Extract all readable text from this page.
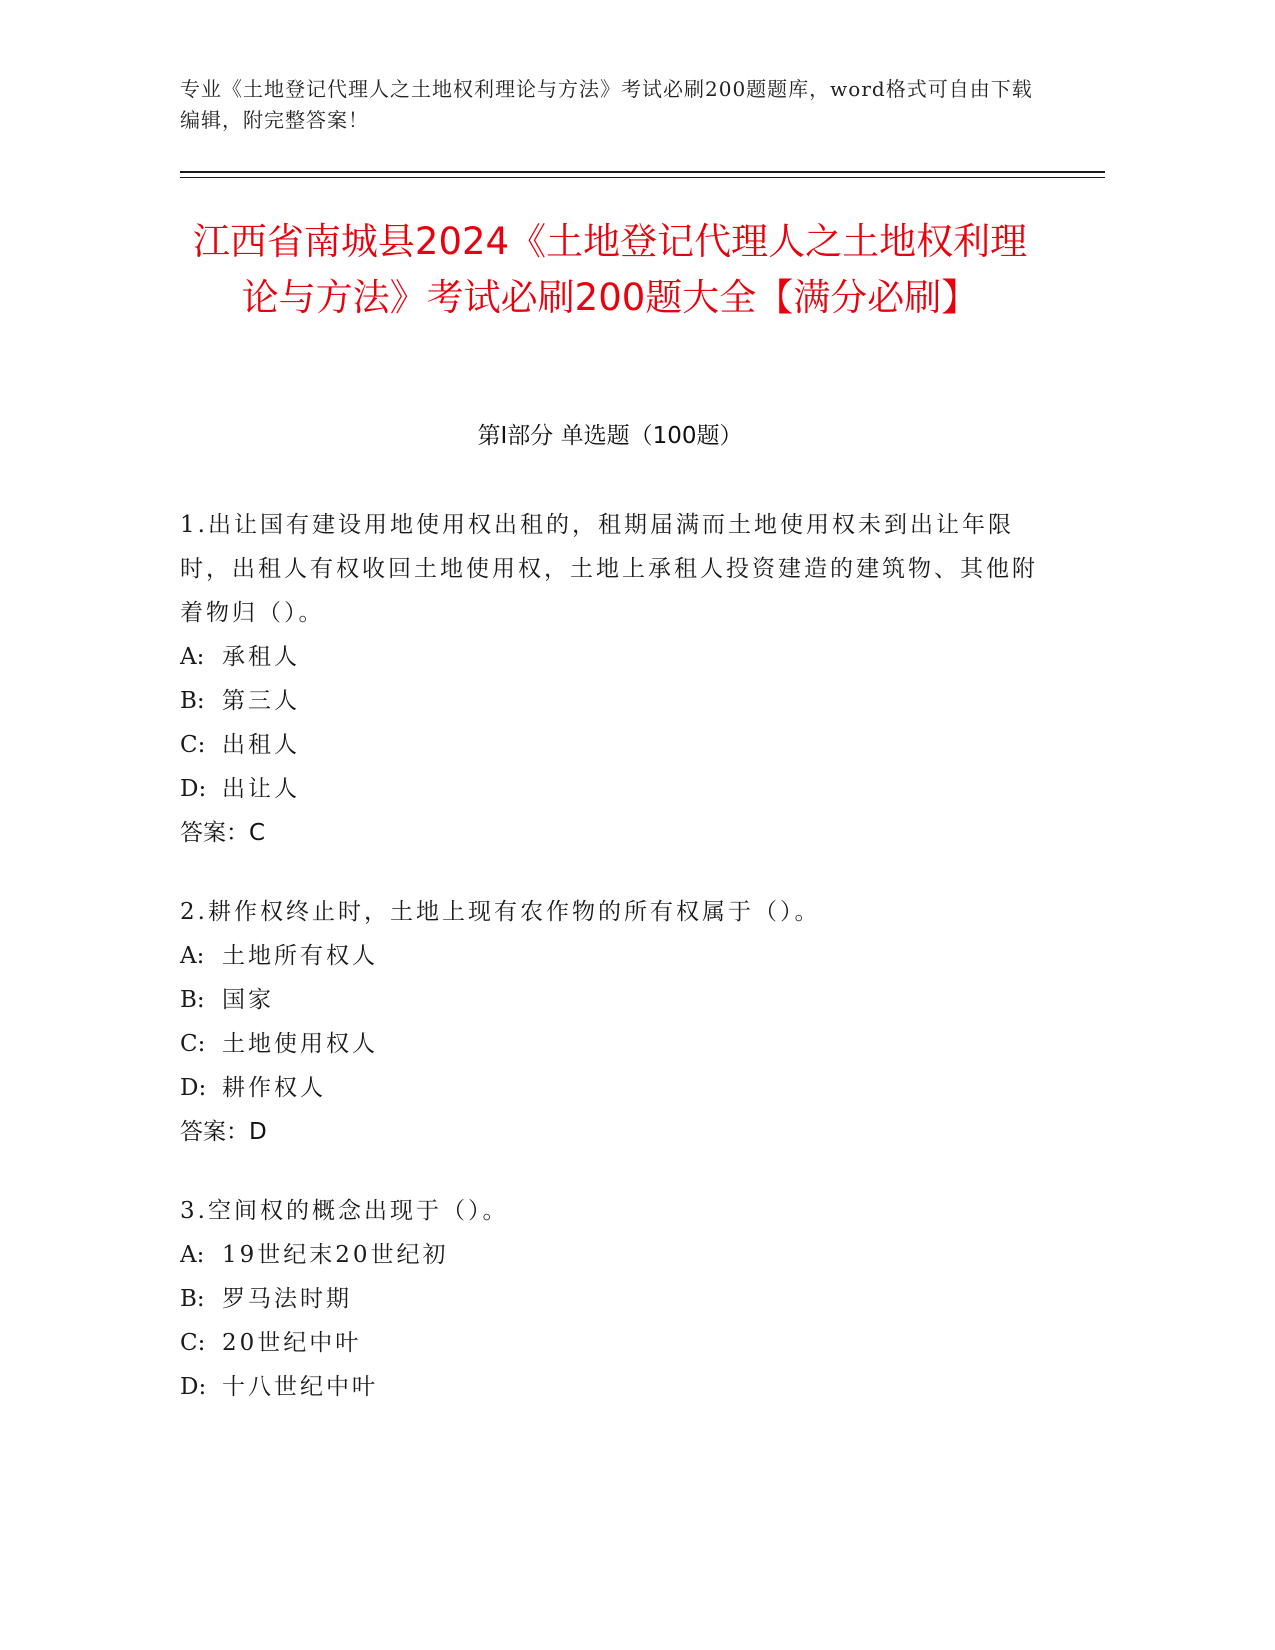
专业《土地登记代理人之土地权利理论与方法》考试必刷200题题库，word格式可自由下载编辑，附完整答案！
江西省南城县2024《土地登记代理人之土地权利理论与方法》考试必刷200题大全【满分必刷】
第I部分 单选题（100题）
1.出让国有建设用地使用权出租的，租期届满而土地使用权未到出让年限时，出租人有权收回土地使用权，土地上承租人投资建造的建筑物、其他附着物归（）。
A: 承租人
B: 第三人
C: 出租人
D: 出让人
答案：C
2.耕作权终止时，土地上现有农作物的所有权属于（）。
A: 土地所有权人
B: 国家
C: 土地使用权人
D: 耕作权人
答案：D
3.空间权的概念出现于（）。
A: 19世纪末20世纪初
B: 罗马法时期
C: 20世纪中叶
D: 十八世纪中叶
